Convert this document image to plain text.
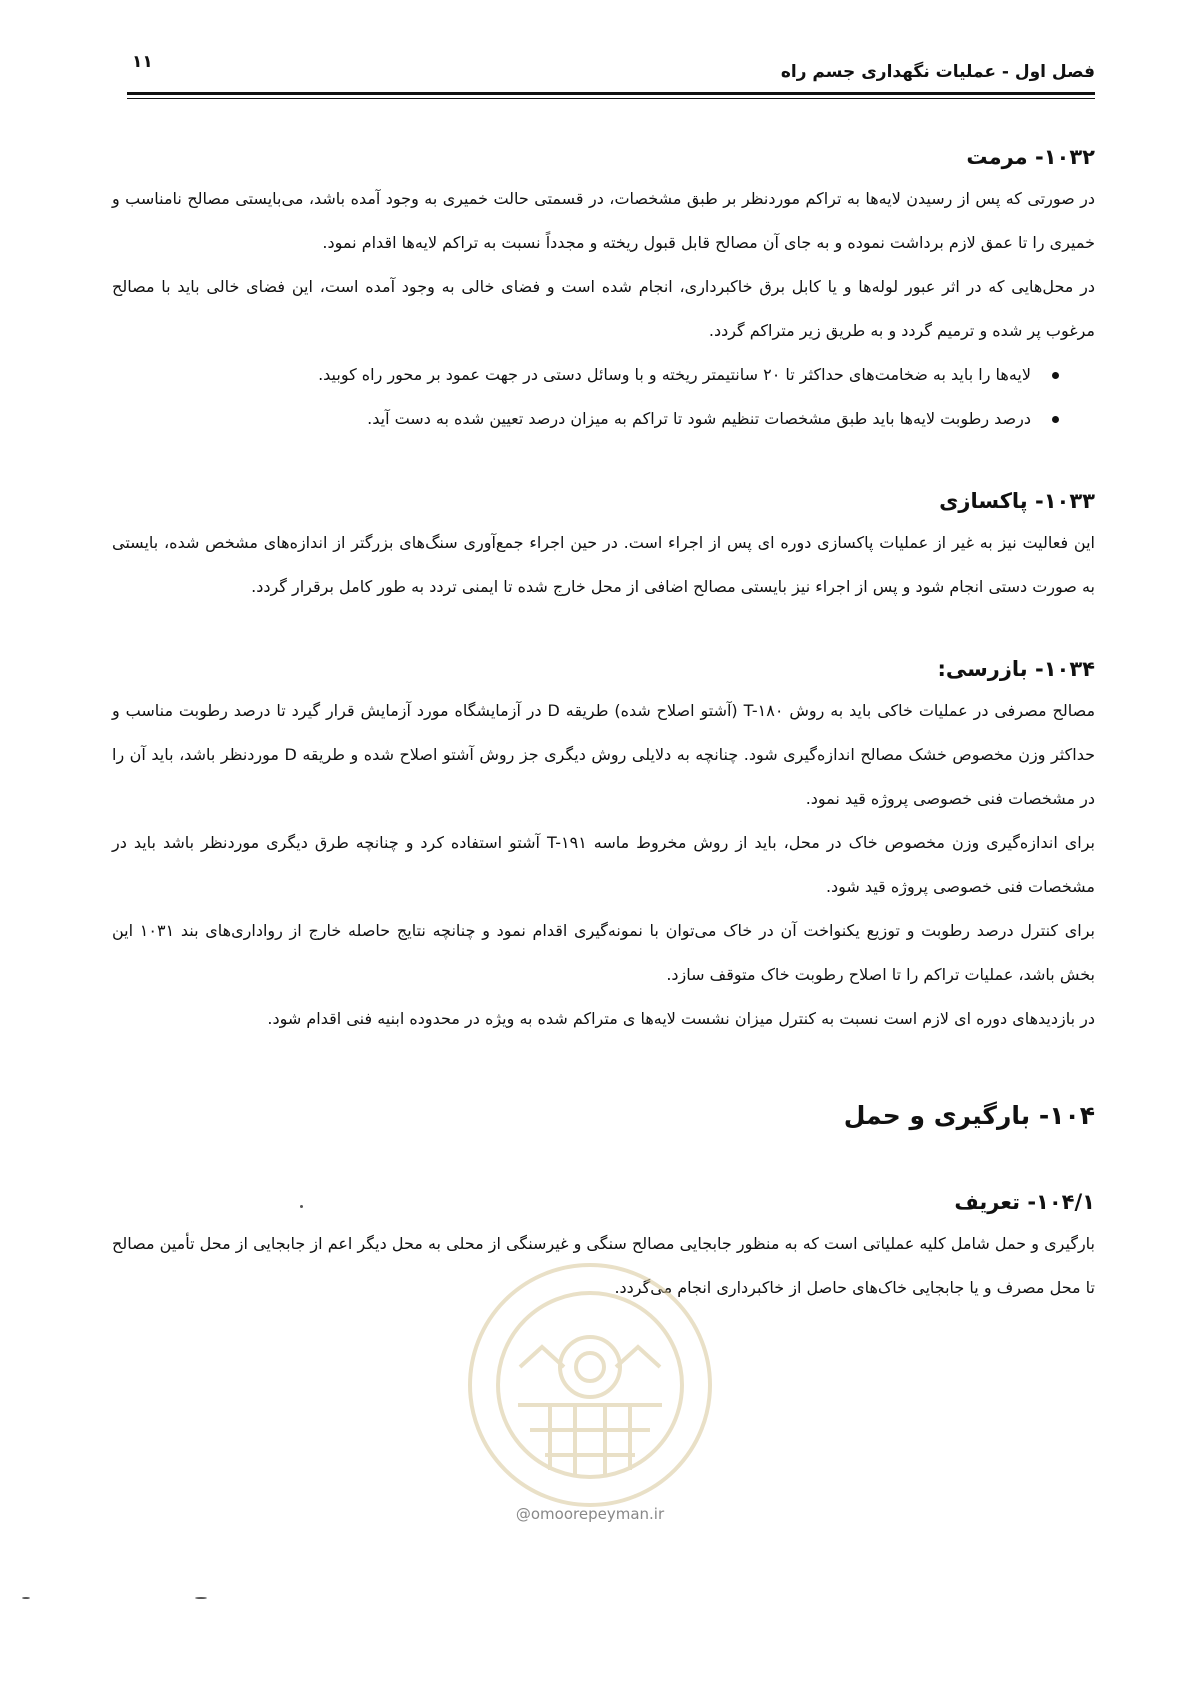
۱۱	فصل اول - عملیات نگهداری جسم راه
۱۰۳۲- مرمت

در صورتی که پس از رسیدن لایه‌ها به تراکم موردنظر بر طبق مشخصات، در قسمتی حالت خمیری به وجود آمده باشد، می‌بایستی مصالح نامناسب و خمیری را تا عمق لازم برداشت نموده و به جای آن مصالح قابل قبول ریخته و مجدداً نسبت به تراکم لایه‌ها اقدام نمود.

در محل‌هایی که در اثر عبور لوله‌ها و یا کابل برق خاکبرداری، انجام شده است و فضای خالی به وجود آمده است، این فضای خالی باید با مصالح مرغوب پر شده و ترمیم گردد و به طریق زیر متراکم گردد.

لایه‌ها را باید به ضخامت‌های حداکثر تا ۲۰ سانتیمتر ریخته و با وسائل دستی در جهت عمود بر محور راه کوبید.
درصد رطوبت لایه‌ها باید طبق مشخصات تنظیم شود تا تراکم به میزان درصد تعیین شده به دست آید.
۱۰۳۳- پاکسازی

این فعالیت نیز به غیر از عملیات پاکسازی دوره ای پس از اجراء است. در حین اجراء جمع‌آوری سنگ‌های بزرگتر از اندازه‌های مشخص شده، بایستی به صورت دستی انجام شود و پس از اجراء نیز بایستی مصالح اضافی از محل خارج شده تا ایمنی تردد به طور کامل برقرار گردد.

۱۰۳۴- بازرسی:

مصالح مصرفی در عملیات خاکی باید به روش T-۱۸۰ (آشتو اصلاح شده) طریقه D در آزمایشگاه مورد آزمایش قرار گیرد تا درصد رطوبت مناسب و حداکثر وزن مخصوص خشک مصالح اندازه‌گیری شود. چنانچه به دلایلی روش دیگری جز روش آشتو اصلاح شده و طریقه D موردنظر باشد، باید آن را در مشخصات فنی خصوصی پروژه قید نمود.

برای اندازه‌گیری وزن مخصوص خاک در محل، باید از روش مخروط ماسه T-۱۹۱ آشتو استفاده کرد و چنانچه طرق دیگری موردنظر باشد باید در مشخصات فنی خصوصی پروژه قید شود.

برای کنترل درصد رطوبت و توزیع یکنواخت آن در خاک می‌توان با نمونه‌گیری اقدام نمود و چنانچه نتایج حاصله خارج از رواداری‌های بند ۱۰۳۱ این بخش باشد، عملیات تراکم را تا اصلاح رطوبت خاک متوقف سازد.

در بازدیدهای دوره ای لازم است نسبت به کنترل میزان نشست لایه‌ها ی متراکم شده به ویژه در محدوده ابنیه فنی اقدام شود.

۱۰۴- بارگیری و حمل
۱۰۴/۱- تعریف

بارگیری و حمل شامل کلیه عملیاتی است که به منظور جابجایی مصالح سنگی و غیرسنگی از محلی به محل دیگر اعم از جابجایی از محل تأمین مصالح تا محل مصرف و یا جابجایی خاک‌های حاصل از خاکبرداری انجام می‌گردد.

@omoorepeyman.ir
